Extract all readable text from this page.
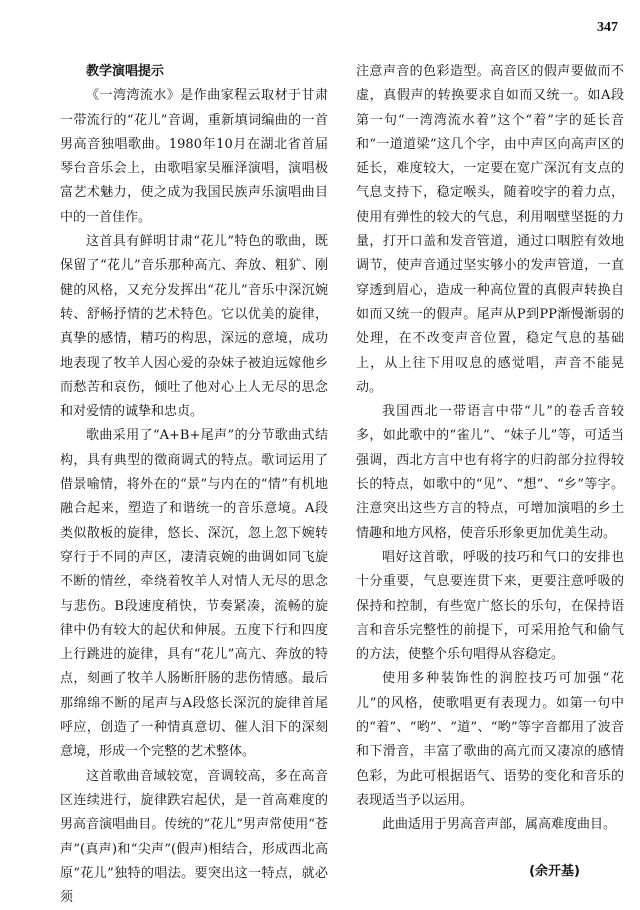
347

教学演唱提示

《一湾湾流水》是作曲家程云取材于甘肃一带流行的“花儿”音调，重新填词编曲的一首男高音独唱歌曲。1980年10月在湖北省首届琴台音乐会上，由歌唱家吴雁泽演唱，演唱极富艺术魅力，使之成为我国民族声乐演唱曲目中的一首佳作。

这首具有鲜明甘肃“花儿”特色的歌曲，既保留了“花儿”音乐那种高亢、奔放、粗犷、刚健的风格，又充分发挥出“花儿”音乐中深沉婉转、舒畅抒情的艺术特色。它以优美的旋律，真挚的感情，精巧的构思，深远的意境，成功地表现了牧羊人因心爱的杂妹子被迫远嫁他乡而愁苦和哀伤，倾吐了他对心上人无尽的思念和对爱情的诚挚和忠贞。

歌曲采用了“A+B+尾声”的分节歌曲式结构，具有典型的徵商调式的特点。歌词运用了借景喻情，将外在的“景”与内在的“情”有机地融合起来，塑造了和谐统一的音乐意境。A段类似散板的旋律，悠长、深沉，忽上忽下婉转穿行于不同的声区，凄清哀婉的曲调如同飞旋不断的情丝，牵绕着牧羊人对情人无尽的思念与悲伤。B段速度稍快，节奏紧凑，流畅的旋律中仍有较大的起伏和伸展。五度下行和四度上行跳进的旋律，具有“花儿”高亢、奔放的特点，刻画了牧羊人肠断肝肠的悲伤情感。最后那绵绵不断的尾声与A段悠长深沉的旋律首尾呼应，创造了一种情真意切、催人泪下的深刻意境，形成一个完整的艺术整体。

这首歌曲音域较宽，音调较高，多在高音区连续进行，旋律跌宕起伏，是一首高难度的男高音演唱曲目。传统的“花儿”男声常使用“苍声”(真声)和“尖声”(假声)相结合，形成西北高原“花儿”独特的唱法。要突出这一特点，就必须

注意声音的色彩造型。高音区的假声要做而不虚，真假声的转换要求自如而又统一。如A段第一句“一湾湾流水着”这个“着”字的延长音和“一道道梁”这几个字，由中声区向高声区的延长，难度较大，一定要在宽广深沉有支点的气息支持下，稳定喉头，随着咬字的着力点，使用有弹性的较大的气息，利用咽壁坚挺的力量，打开口盖和发音管道，通过口咽腔有效地调节，使声音通过坚实够小的发声管道，一直穿透到眉心，造成一种高位置的真假声转换自如而又统一的假声。尾声从P到PP渐慢渐弱的处理，在不改变声音位置，稳定气息的基础上，从上往下用叹息的感觉唱，声音不能晃动。

我国西北一带语言中带“儿”的卷舌音较多，如此歌中的“雀儿”、“妹子儿”等，可适当强调，西北方言中也有将字的归韵部分拉得较长的特点，如歌中的“见”、“想”、“乡”等字。注意突出这些方言的特点，可增加演唱的乡土情趣和地方风格，使音乐形象更加优美生动。

唱好这首歌，呼吸的技巧和气口的安排也十分重要，气息要连贯下来，更要注意呼吸的保持和控制，有些宽广悠长的乐句，在保持语言和音乐完整性的前提下，可采用抢气和偷气的方法，使整个乐句唱得从容稳定。

使用多种装饰性的润腔技巧可加强“花儿”的风格，使歌唱更有表现力。如第一句中的“着”、“哟”、“道”、“哟”等字音都用了波音和下滑音，丰富了歌曲的高亢而又凄凉的感情色彩，为此可根据语气、语势的变化和音乐的表现适当予以运用。

此曲适用于男高音声部，属高难度曲目。

(余开基)
